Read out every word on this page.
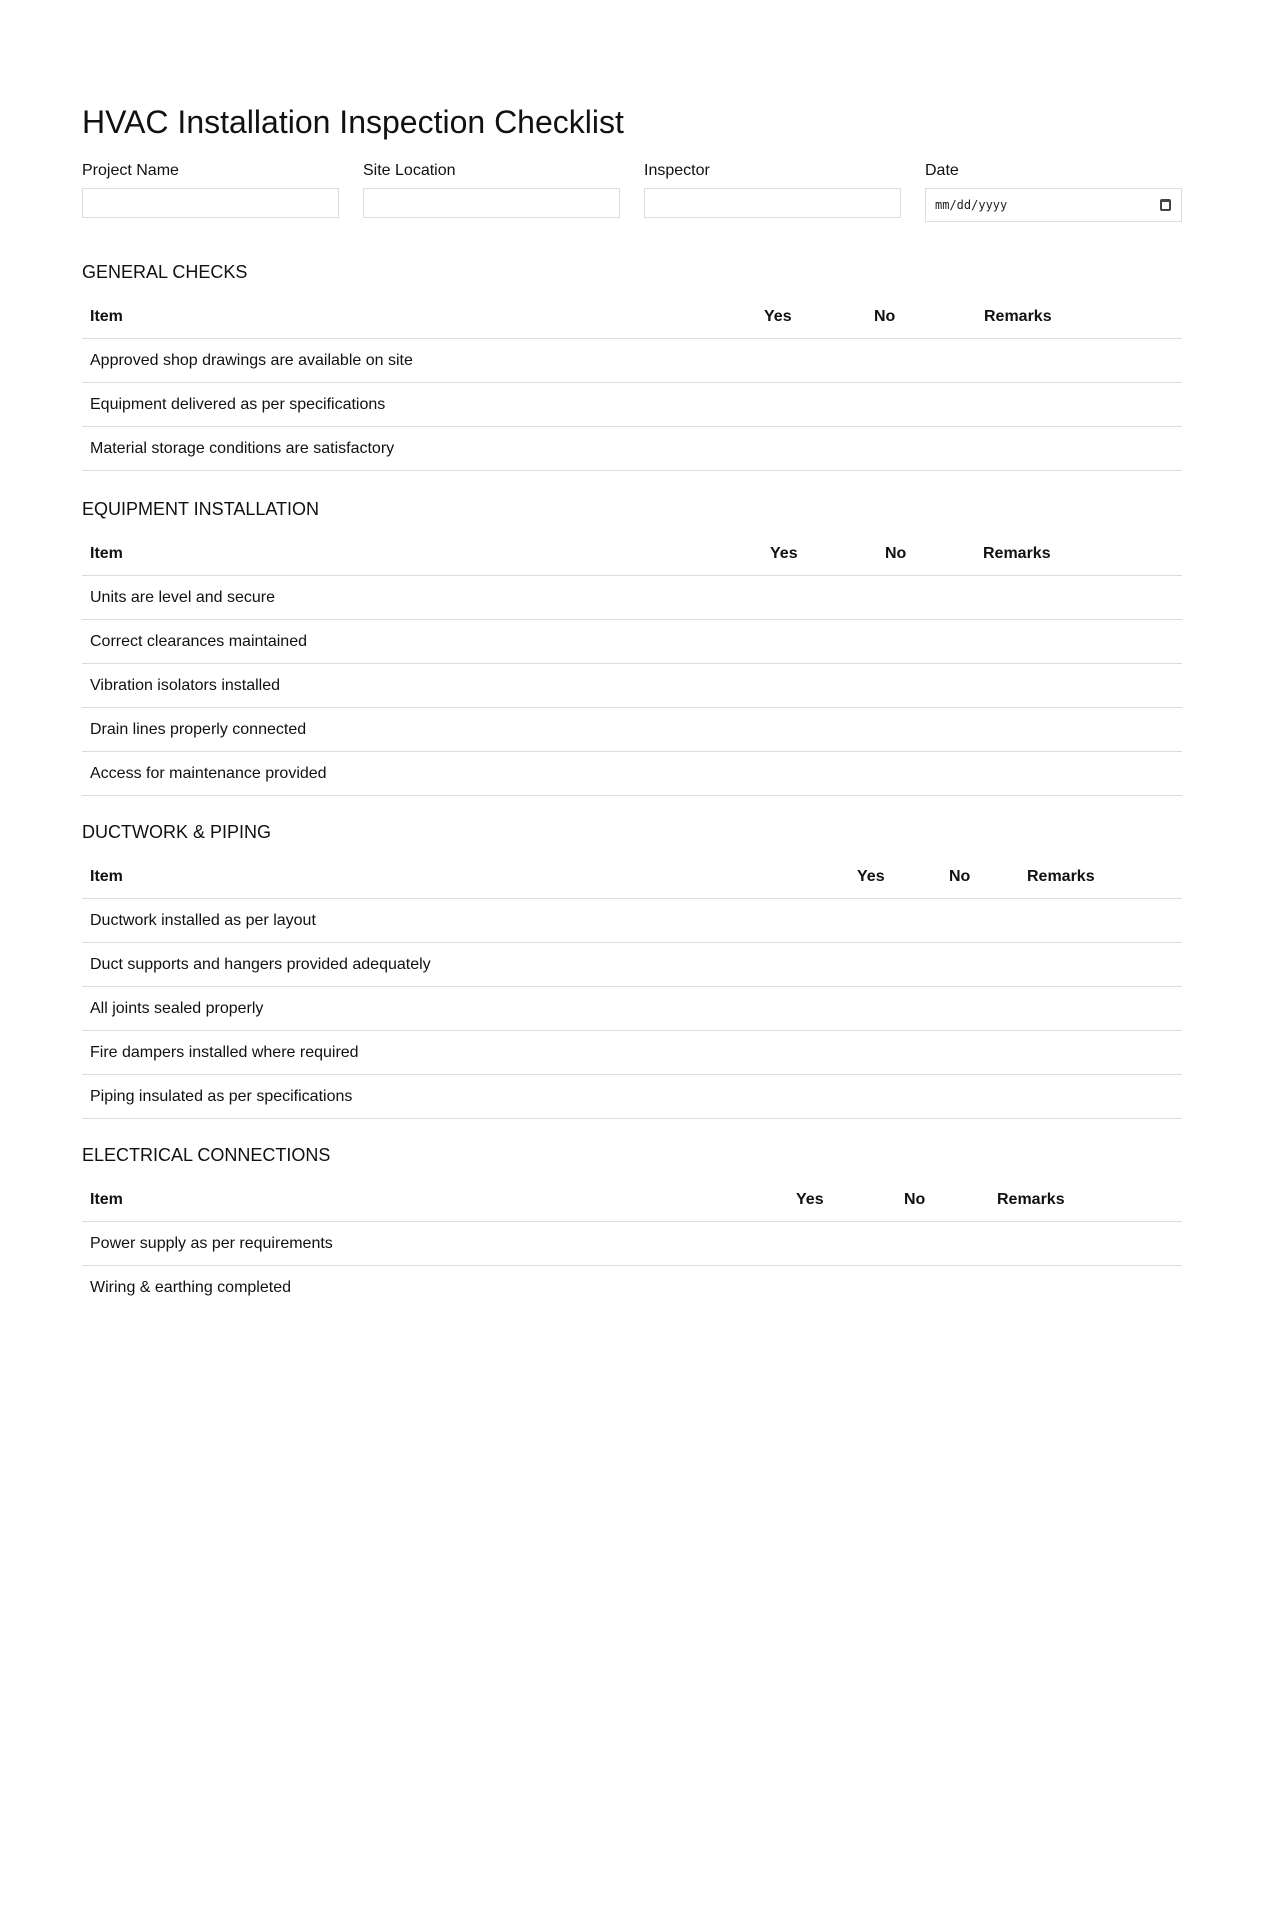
HVAC Installation Inspection Checklist
Project Name	Site Location	Inspector	Date
mm/dd/yyyy
GENERAL CHECKS
Item	Yes	No	Remarks
Approved shop drawings are available on site			
Equipment delivered as per specifications			
Material storage conditions are satisfactory			
EQUIPMENT INSTALLATION
Item	Yes	No	Remarks
Units are level and secure			
Correct clearances maintained			
Vibration isolators installed			
Drain lines properly connected			
Access for maintenance provided			
DUCTWORK & PIPING
Item	Yes	No	Remarks
Ductwork installed as per layout			
Duct supports and hangers provided adequately			
All joints sealed properly			
Fire dampers installed where required			
Piping insulated as per specifications			
ELECTRICAL CONNECTIONS
Item	Yes	No	Remarks
Power supply as per requirements			
Wiring & earthing completed			
